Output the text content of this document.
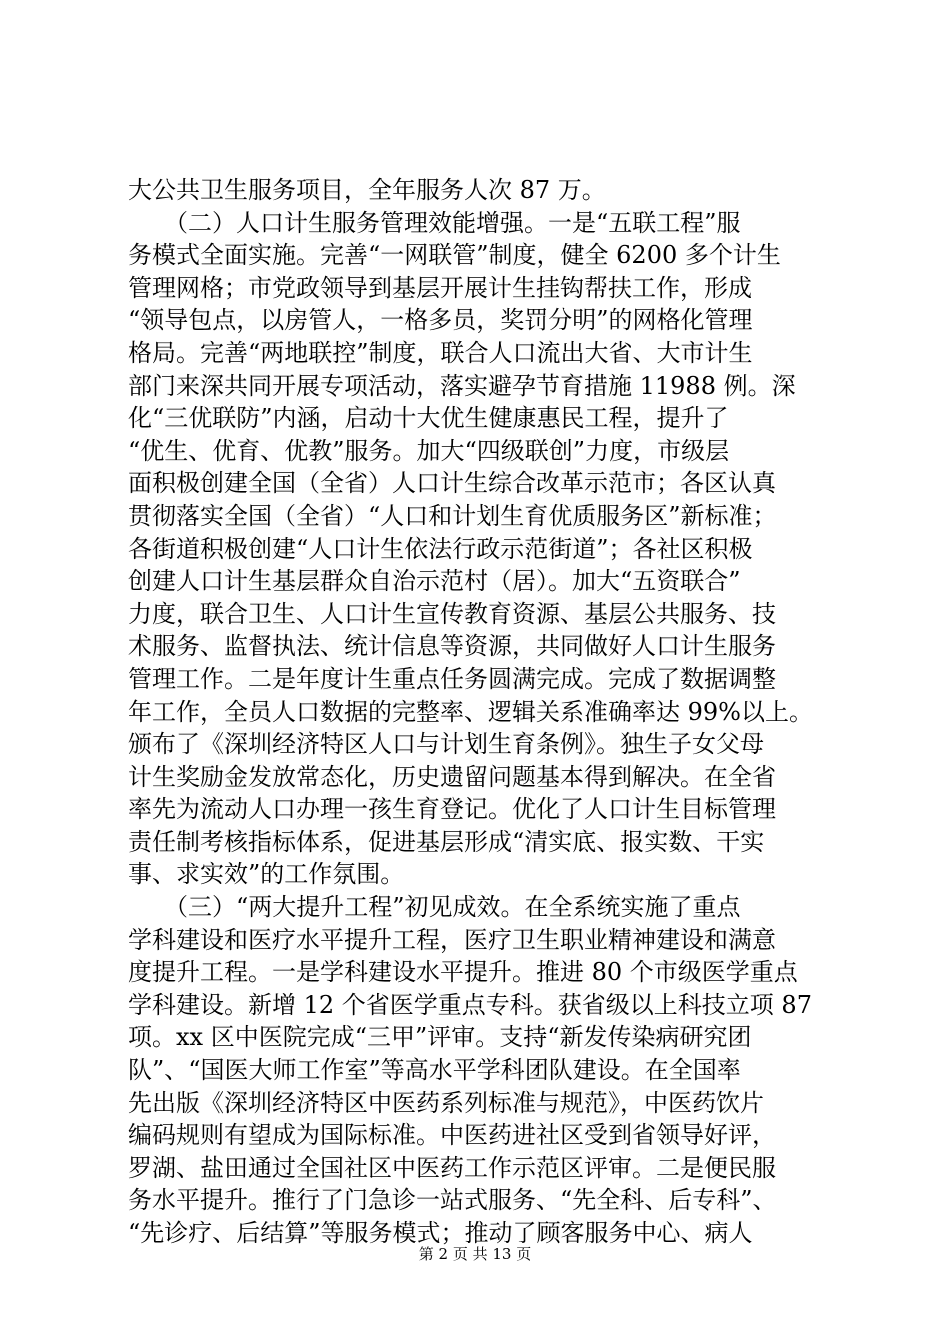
大公共卫生服务项目，全年服务人次 87 万。
　　（二）人口计生服务管理效能增强。一是“五联工程”服
务模式全面实施。完善“一网联管”制度，健全 6200 多个计生
管理网格；市党政领导到基层开展计生挂钩帮扶工作，形成
“领导包点，以房管人，一格多员，奖罚分明”的网格化管理
格局。完善“两地联控”制度，联合人口流出大省、大市计生
部门来深共同开展专项活动，落实避孕节育措施 11988 例。深
化“三优联防”内涵，启动十大优生健康惠民工程，提升了
“优生、优育、优教”服务。加大“四级联创”力度，市级层
面积极创建全国（全省）人口计生综合改革示范市；各区认真
贯彻落实全国（全省）“人口和计划生育优质服务区”新标准；
各街道积极创建“人口计生依法行政示范街道”；各社区积极
创建人口计生基层群众自治示范村（居）。加大“五资联合”
力度，联合卫生、人口计生宣传教育资源、基层公共服务、技
术服务、监督执法、统计信息等资源，共同做好人口计生服务
管理工作。二是年度计生重点任务圆满完成。完成了数据调整
年工作，全员人口数据的完整率、逻辑关系准确率达 99%以上。
颁布了《深圳经济特区人口与计划生育条例》。独生子女父母
计生奖励金发放常态化，历史遗留问题基本得到解决。在全省
率先为流动人口办理一孩生育登记。优化了人口计生目标管理
责任制考核指标体系，促进基层形成“清实底、报实数、干实
事、求实效”的工作氛围。
　　（三）“两大提升工程”初见成效。在全系统实施了重点
学科建设和医疗水平提升工程，医疗卫生职业精神建设和满意
度提升工程。一是学科建设水平提升。推进 80 个市级医学重点
学科建设。新增 12 个省医学重点专科。获省级以上科技立项 87
项。xx 区中医院完成“三甲”评审。支持“新发传染病研究团
队”、“国医大师工作室”等高水平学科团队建设。在全国率
先出版《深圳经济特区中医药系列标准与规范》，中医药饮片
编码规则有望成为国际标准。中医药进社区受到省领导好评，
罗湖、盐田通过全国社区中医药工作示范区评审。二是便民服
务水平提升。推行了门急诊一站式服务、“先全科、后专科”、
“先诊疗、后结算”等服务模式；推动了顾客服务中心、病人
第 2 页 共 13 页
